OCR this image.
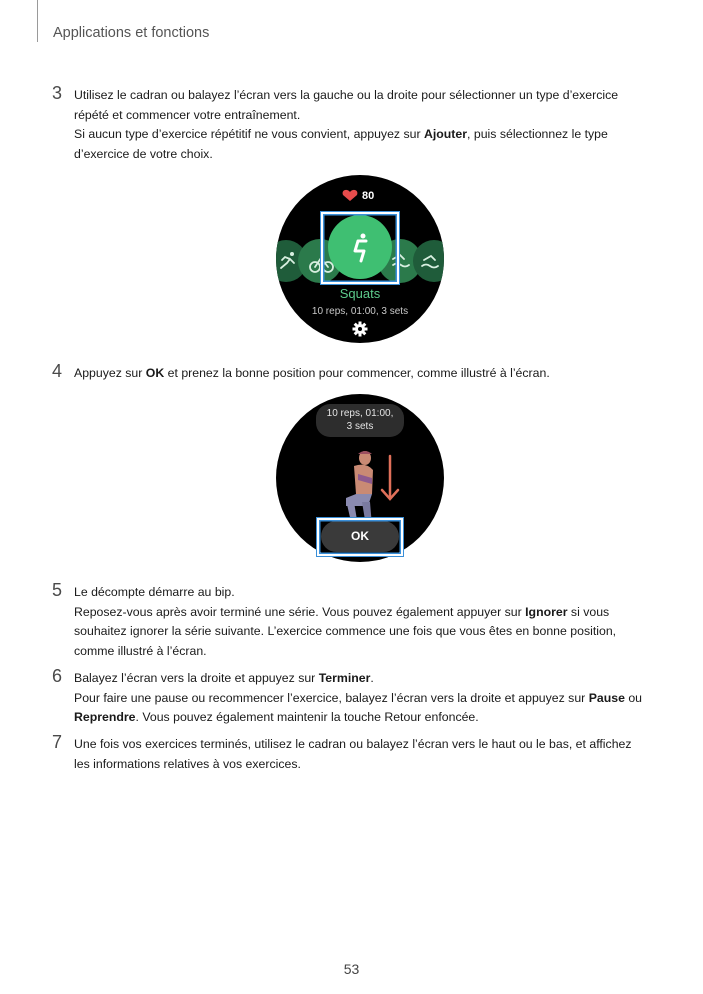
Applications et fonctions
3 Utilisez le cadran ou balayez l’écran vers la gauche ou la droite pour sélectionner un type d’exercice répété et commencer votre entraînement.

Si aucun type d’exercice répétitif ne vous convient, appuyez sur Ajouter, puis sélectionnez le type d’exercice de votre choix.

80
Squats
10 reps, 01:00, 3 sets
4 Appuyez sur OK et prenez la bonne position pour commencer, comme illustré à l’écran.

10 reps, 01:00,
3 sets
OK
5 Le décompte démarre au bip.

Reposez-vous après avoir terminé une série. Vous pouvez également appuyer sur Ignorer si vous souhaitez ignorer la série suivante. L’exercice commence une fois que vous êtes en bonne position, comme illustré à l’écran.

6 Balayez l’écran vers la droite et appuyez sur Terminer.

Pour faire une pause ou recommencer l’exercice, balayez l’écran vers la droite et appuyez sur Pause ou Reprendre. Vous pouvez également maintenir la touche Retour enfoncée.

7 Une fois vos exercices terminés, utilisez le cadran ou balayez l’écran vers le haut ou le bas, et affichez les informations relatives à vos exercices.

53
